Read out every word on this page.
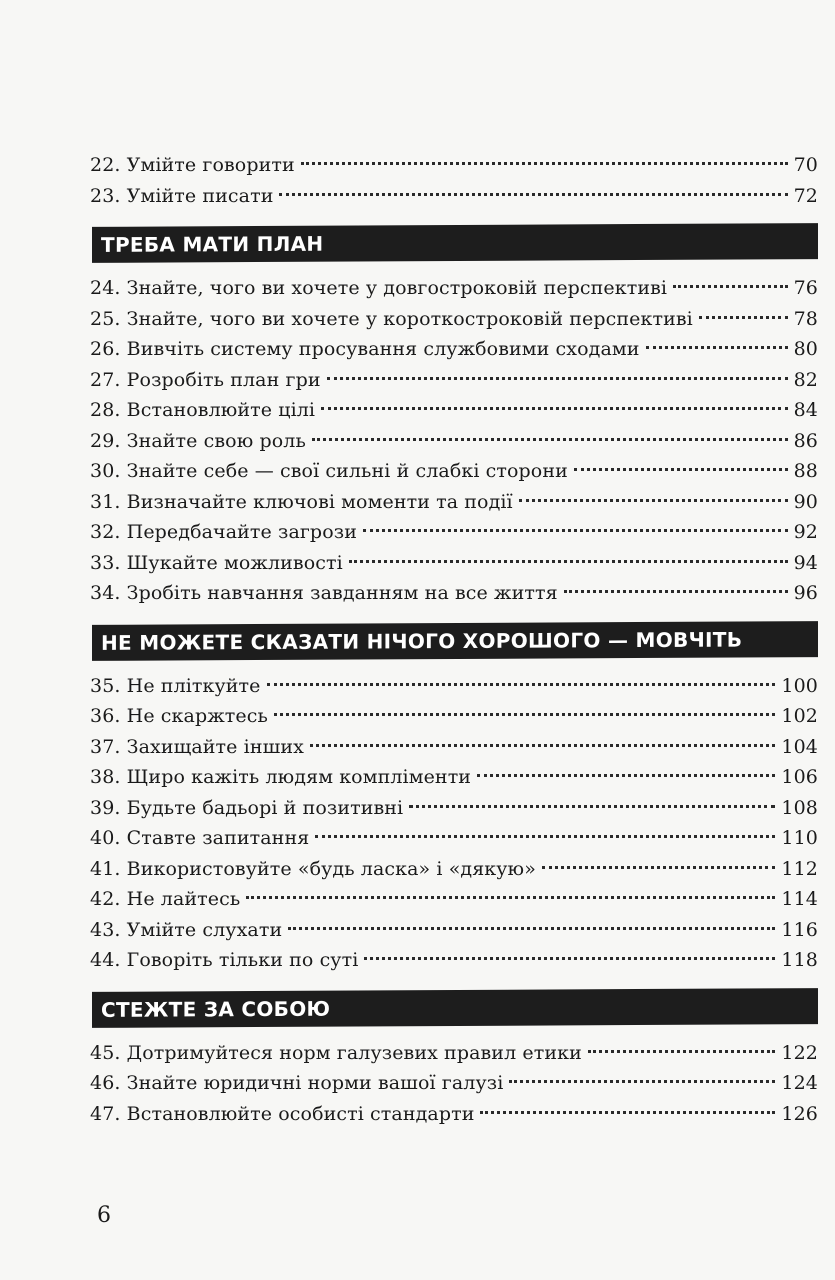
22. Умійте говорити	70
23. Умійте писати	72
ТРЕБА МАТИ ПЛАН
24. Знайте, чого ви хочете у довгостроковій перспективі	76
25. Знайте, чого ви хочете у короткостроковій перспективі	78
26. Вивчіть систему просування службовими сходами	80
27. Розробіть план гри	82
28. Встановлюйте цілі	84
29. Знайте свою роль	86
30. Знайте себе — свої сильні й слабкі сторони	88
31. Визначайте ключові моменти та події	90
32. Передбачайте загрози	92
33. Шукайте можливості	94
34. Зробіть навчання завданням на все життя	96
НЕ МОЖЕТЕ СКАЗАТИ НІЧОГО ХОРОШОГО — МОВЧІТЬ
35. Не пліткуйте	100
36. Не скаржтесь	102
37. Захищайте інших	104
38. Щиро кажіть людям компліменти	106
39. Будьте бадьорі й позитивні	108
40. Ставте запитання	110
41. Використовуйте «будь ласка» і «дякую»	112
42. Не лайтесь	114
43. Умійте слухати	116
44. Говоріть тільки по суті	118
СТЕЖТЕ ЗА СОБОЮ
45. Дотримуйтеся норм галузевих правил етики	122
46. Знайте юридичні норми вашої галузі	124
47. Встановлюйте особисті стандарти	126
6
